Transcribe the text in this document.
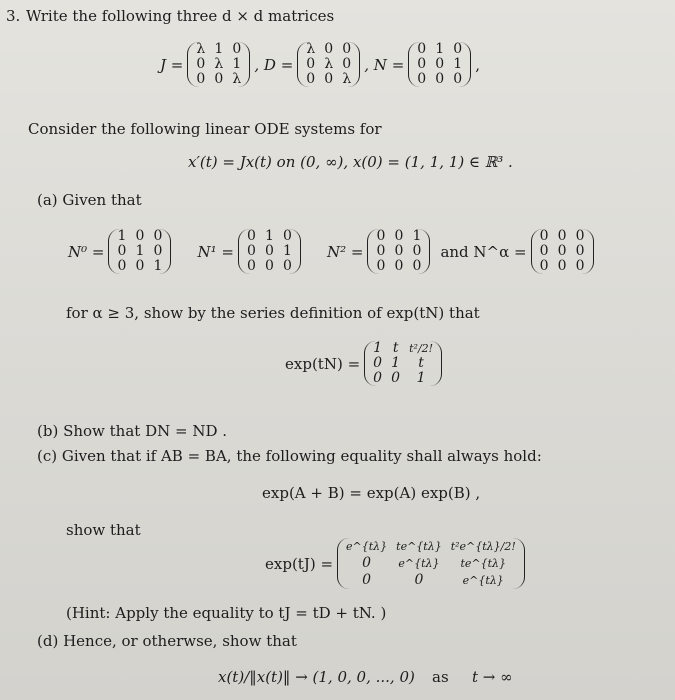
3. Write the following three d × d matrices
J =
λ 1 0
0 λ 1
0 0 λ
, D =
λ 0 0
0 λ 0
0 0 λ
, N =
0 1 0
0 0 1
0 0 0
,
Consider the following linear ODE systems for
x′(t) = Jx(t) on (0, ∞), x(0) = (1, 1, 1) ∈ ℝ³ .
(a) Given that
N⁰ =
1 0 0
0 1 0
0 0 1
N¹ =
0 1 0
0 0 1
0 0 0
N² =
0 0 1
0 0 0
0 0 0
and N^α =
0 0 0
0 0 0
0 0 0
for α ≥ 3, show by the series definition of exp(tN) that
exp(tN) =
1 t t²/2!
0 1	t
0 0	1
(b) Show that DN = ND .
(c) Given that if AB = BA, the following equality shall always hold:
exp(A + B) = exp(A) exp(B) ,
show that
exp(tJ) =
e^{tλ} te^{tλ} t²e^{tλ}/2!
0	e^{tλ}	te^{tλ}
0	0	e^{tλ}
(Hint: Apply the equality to tJ = tD + tN. )
(d) Hence, or otherwse, show that
x(t)/‖x(t)‖ → (1, 0, 0, ..., 0) as t → ∞
